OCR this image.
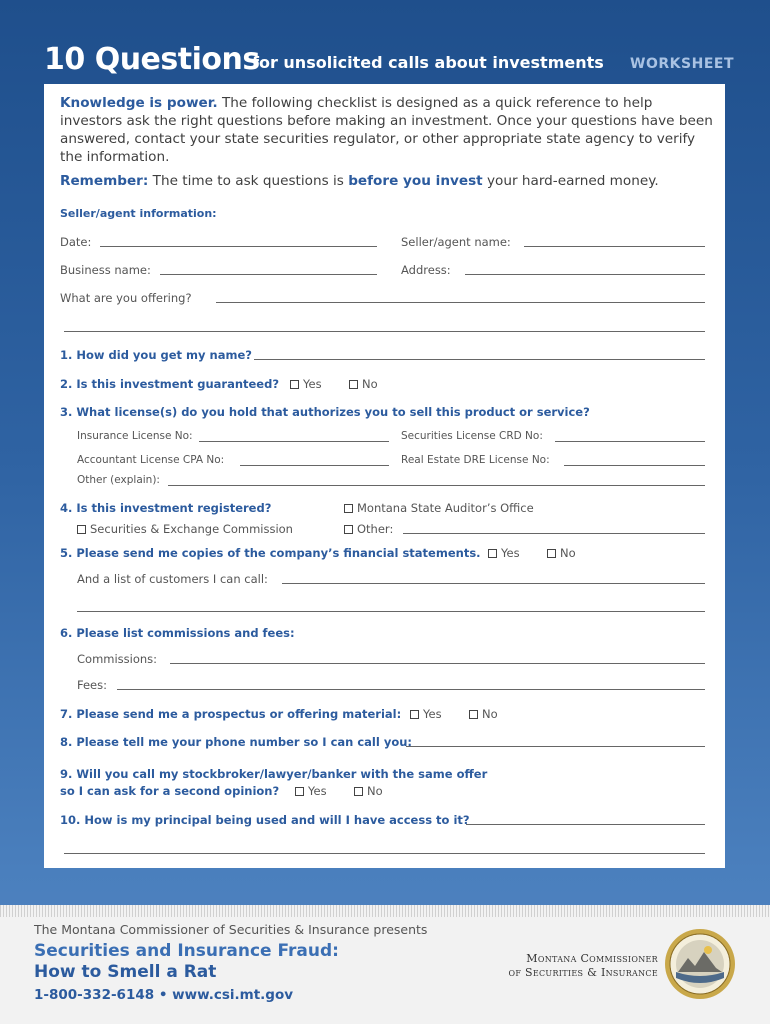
10 Questions
for unsolicited calls about investments WORKSHEET

Knowledge is power. The following checklist is designed as a quick reference to help investors ask the right questions before making an investment. Once your questions have been answered, contact your state securities regulator, or other appropriate state agency to verify the information.

Remember: The time to ask questions is before you invest your hard-earned money.

Seller/agent information:
Date:	Seller/agent name:
Business name:	Address:
What are you offering?
1. How did you get my name?
2. Is this investment guaranteed?	Yes	No
3. What license(s) do you hold that authorizes you to sell this product or service?
Insurance License No:	Securities License CRD No:
Accountant License CPA No:	Real Estate DRE License No:
Other (explain):
4. Is this investment registered?	Montana State Auditor’s Office
Securities & Exchange Commission	Other:
5. Please send me copies of the company’s financial statements.	Yes	No
And a list of customers I can call:
6. Please list commissions and fees:
Commissions:
Fees:
7. Please send me a prospectus or offering material:	Yes	No
8. Please tell me your phone number so I can call you:
9. Will you call my stockbroker/lawyer/banker with the same offer
so I can ask for a second opinion?	Yes	No
10. How is my principal being used and will I have access to it?
The Montana Commissioner of Securities & Insurance presents
Securities and Insurance Fraud:
How to Smell a Rat
1-800-332-6148 • www.csi.mt.gov
Montana Commissioner
of Securities & Insurance
